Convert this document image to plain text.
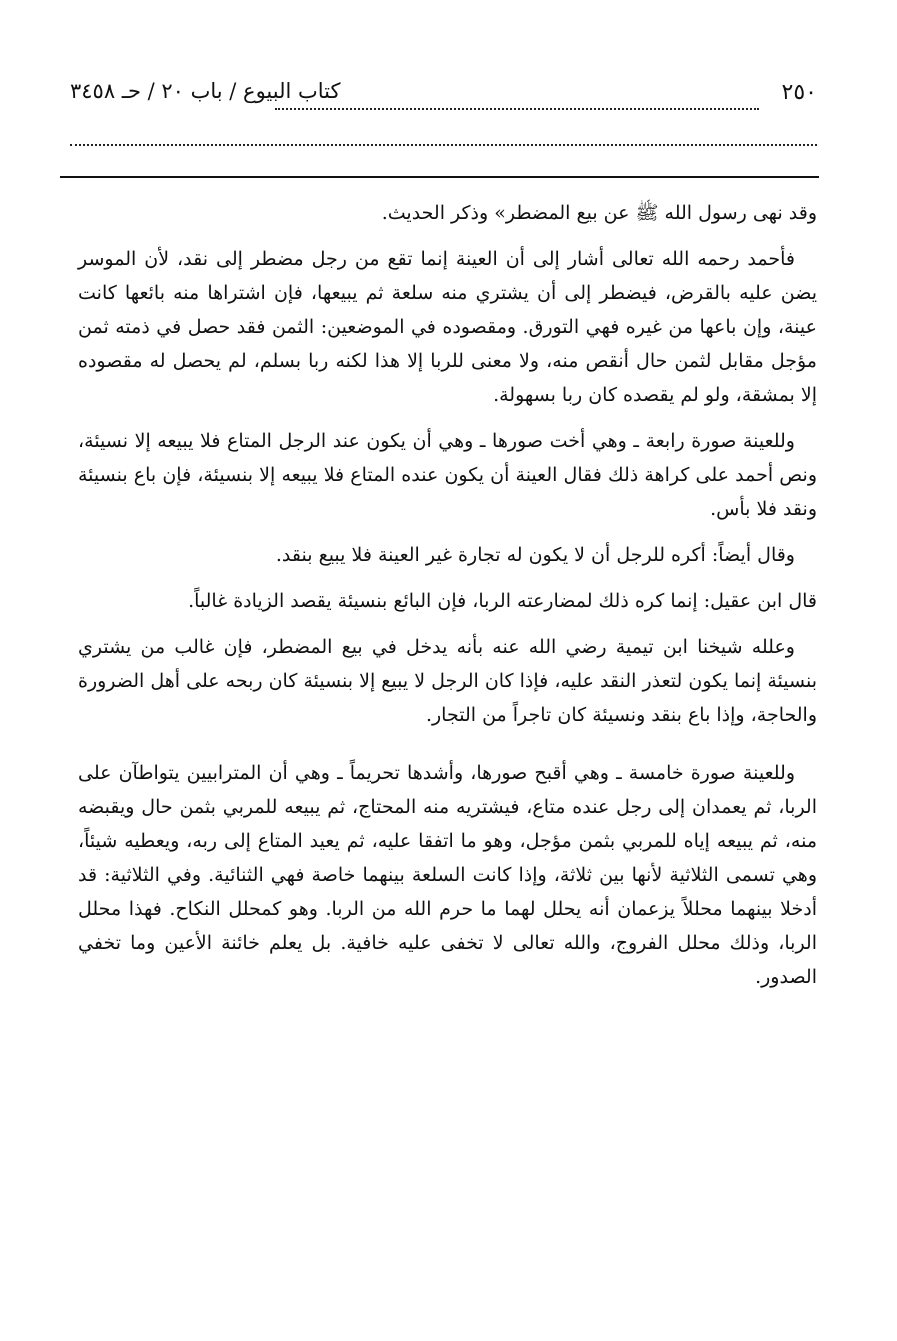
٢٥٠
كتاب البيوع / باب ٢٠ / حـ ٣٤٥٨

وقد نهى رسول الله ﷺ عن بيع المضطر» وذكر الحديث.

فأحمد رحمه الله تعالى أشار إلى أن العينة إنما تقع من رجل مضطر إلى نقد، لأن الموسر يضن عليه بالقرض، فيضطر إلى أن يشتري منه سلعة ثم يبيعها، فإن اشتراها منه بائعها كانت عينة، وإن باعها من غيره فهي التورق. ومقصوده في الموضعين: الثمن فقد حصل في ذمته ثمن مؤجل مقابل لثمن حال أنقص منه، ولا معنى للربا إلا هذا لكنه ربا بسلم، لم يحصل له مقصوده إلا بمشقة، ولو لم يقصده كان ربا بسهولة.

وللعينة صورة رابعة ـ وهي أخت صورها ـ وهي أن يكون عند الرجل المتاع فلا يبيعه إلا نسيئة، ونص أحمد على كراهة ذلك فقال العينة أن يكون عنده المتاع فلا يبيعه إلا بنسيئة، فإن باع بنسيئة ونقد فلا بأس.

وقال أيضاً: أكره للرجل أن لا يكون له تجارة غير العينة فلا يبيع بنقد.

قال ابن عقيل: إنما كره ذلك لمضارعته الربا، فإن البائع بنسيئة يقصد الزيادة غالباً.

وعلله شيخنا ابن تيمية رضي الله عنه بأنه يدخل في بيع المضطر، فإن غالب من يشتري بنسيئة إنما يكون لتعذر النقد عليه، فإذا كان الرجل لا يبيع إلا بنسيئة كان ربحه على أهل الضرورة والحاجة، وإذا باع بنقد ونسيئة كان تاجراً من التجار.

وللعينة صورة خامسة ـ وهي أقبح صورها، وأشدها تحريماً ـ وهي أن المترابيين يتواطآن على الربا، ثم يعمدان إلى رجل عنده متاع، فيشتريه منه المحتاج، ثم يبيعه للمربي بثمن حال ويقبضه منه، ثم يبيعه إياه للمربي بثمن مؤجل، وهو ما اتفقا عليه، ثم يعيد المتاع إلى ربه، ويعطيه شيئاً، وهي تسمى الثلاثية لأنها بين ثلاثة، وإذا كانت السلعة بينهما خاصة فهي الثنائية. وفي الثلاثية: قد أدخلا بينهما محللاً يزعمان أنه يحلل لهما ما حرم الله من الربا. وهو كمحلل النكاح. فهذا محلل الربا، وذلك محلل الفروج، والله تعالى لا تخفى عليه خافية. بل يعلم خائنة الأعين وما تخفي الصدور.
